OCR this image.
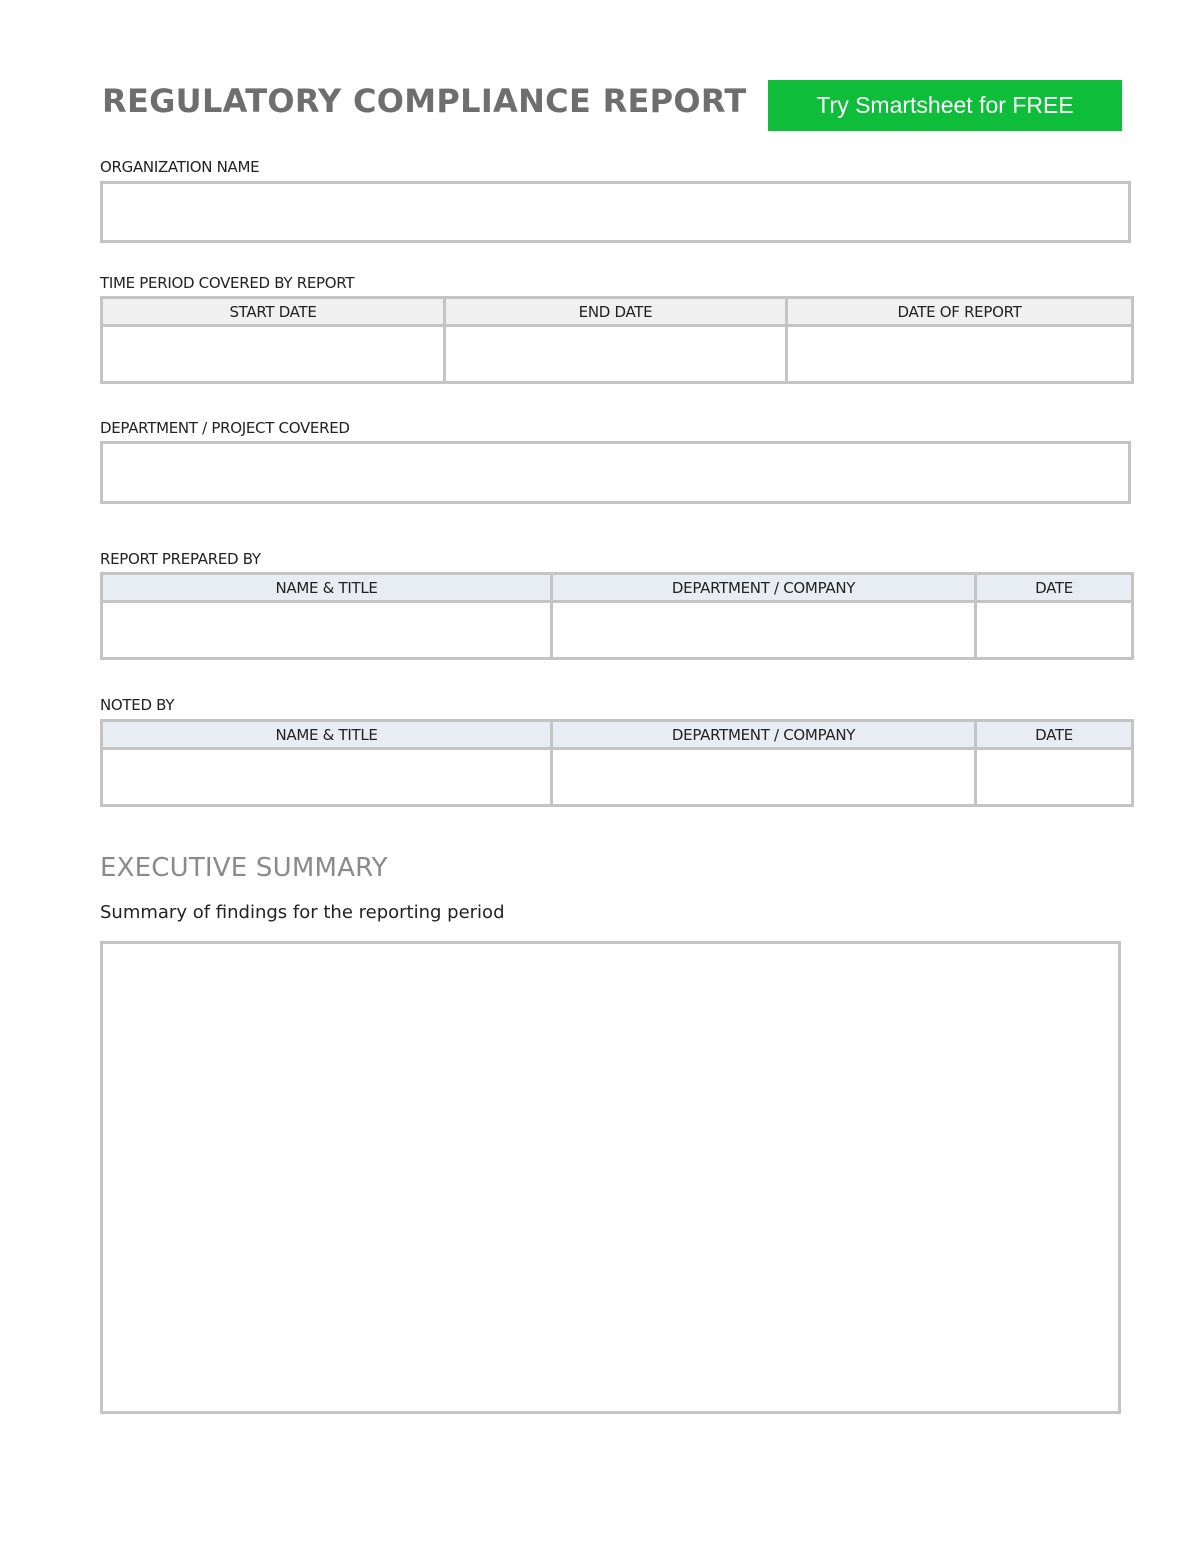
REGULATORY COMPLIANCE REPORT	Try Smartsheet for FREE
ORGANIZATION NAME
TIME PERIOD COVERED BY REPORT
START DATE	END DATE	DATE OF REPORT

DEPARTMENT / PROJECT COVERED
REPORT PREPARED BY
NAME & TITLE	DEPARTMENT / COMPANY	DATE

NOTED BY
NAME & TITLE	DEPARTMENT / COMPANY	DATE

EXECUTIVE SUMMARY
Summary of findings for the reporting period
